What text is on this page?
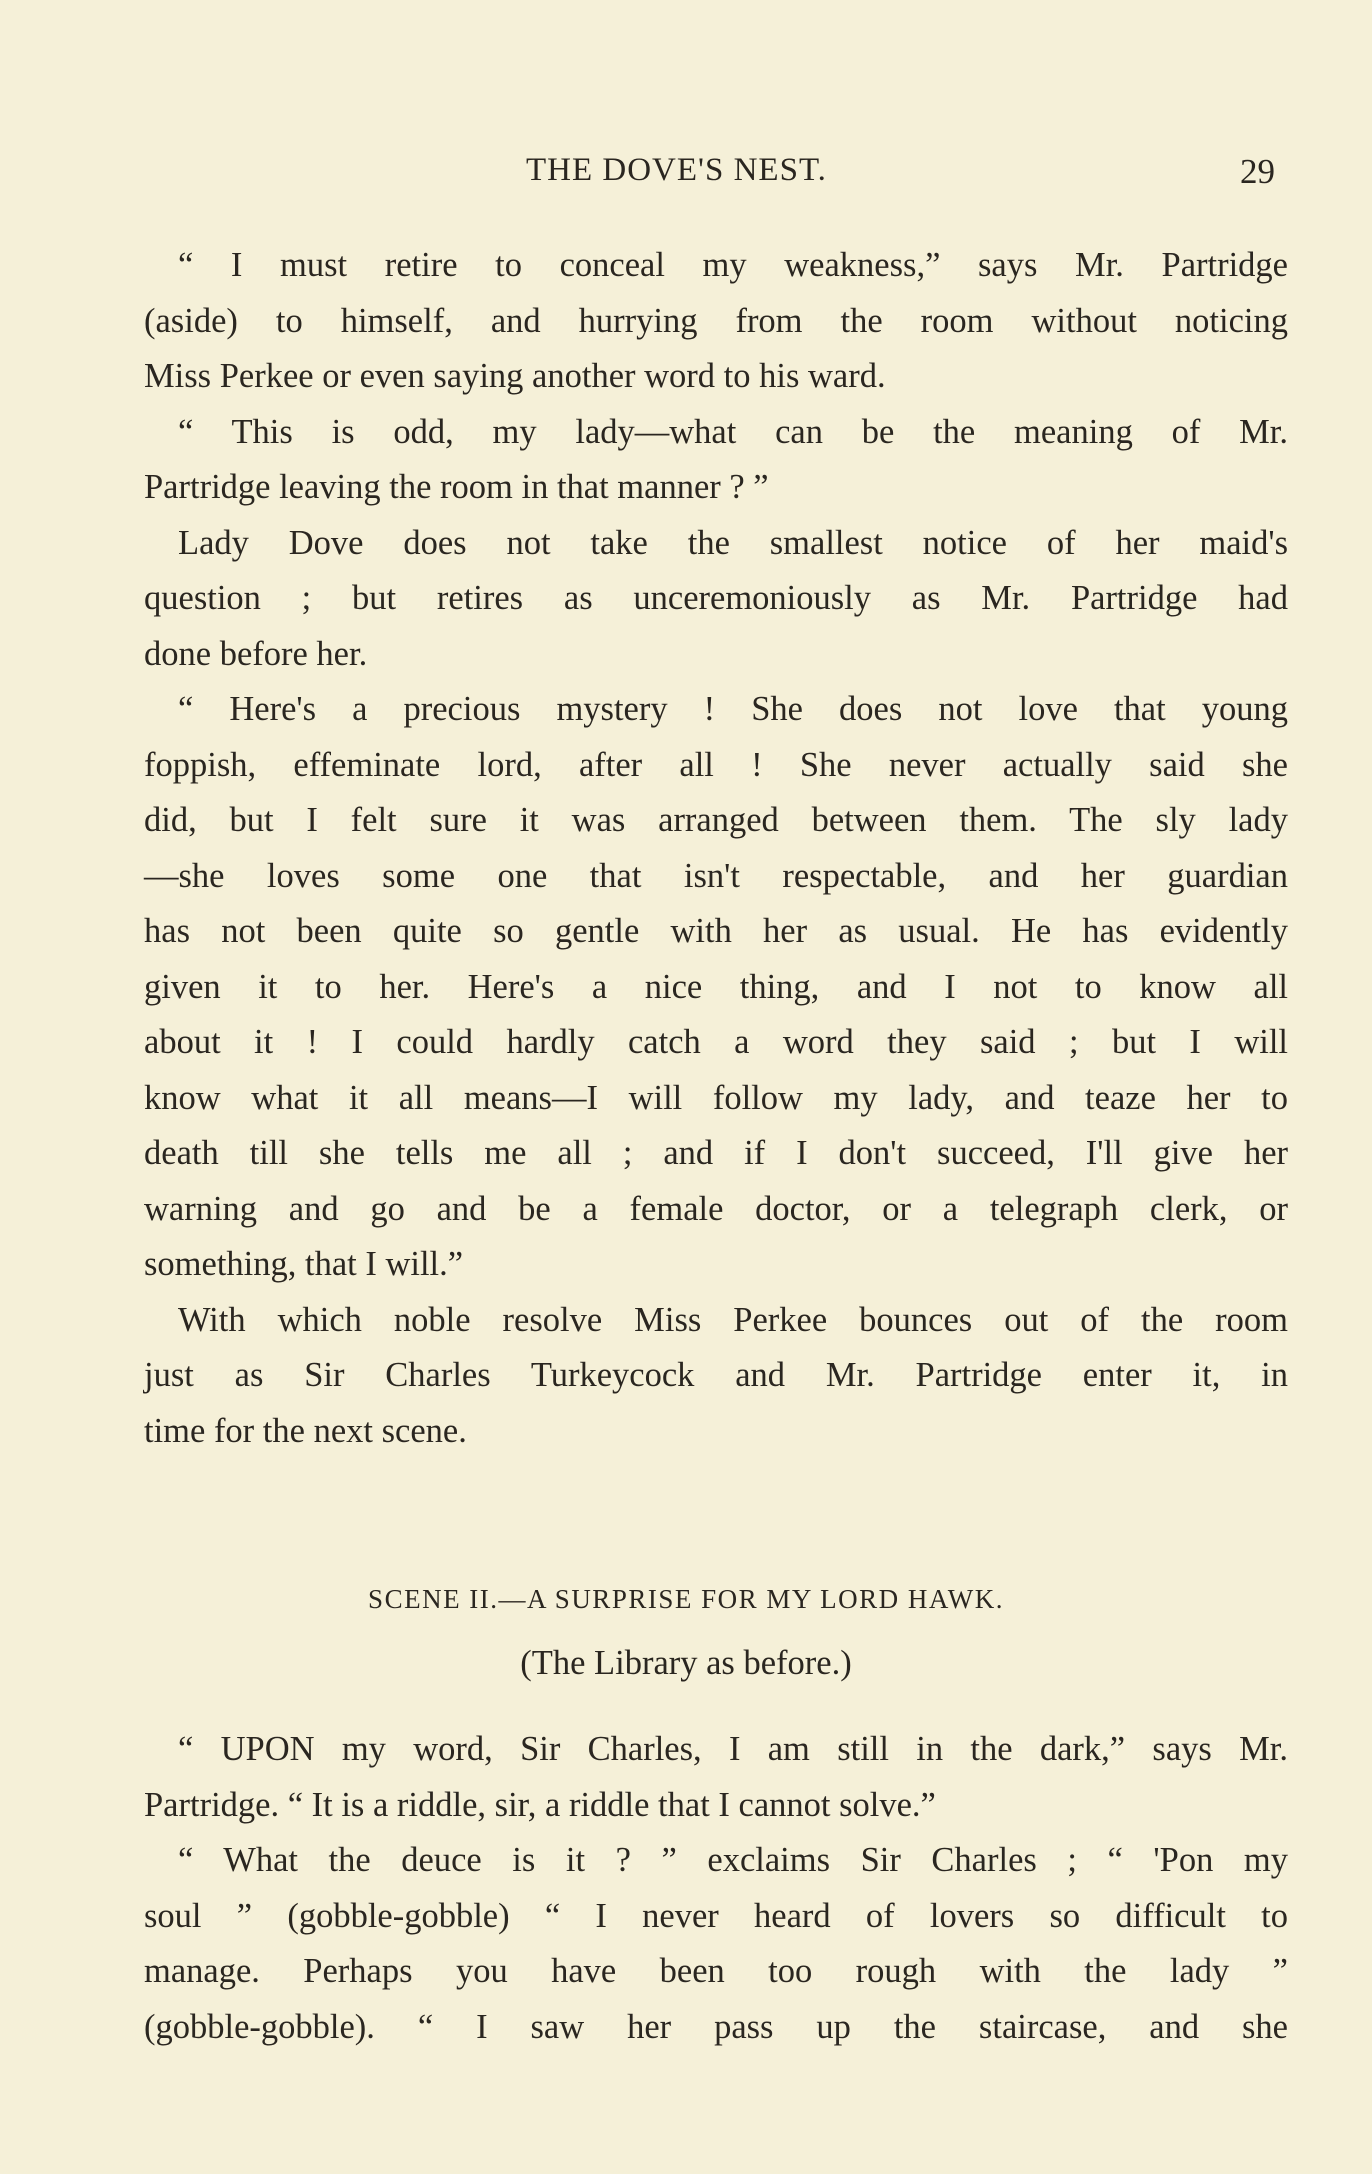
THE DOVE'S NEST.	29
“ I must retire to conceal my weakness,” says Mr. Partridge
(aside) to himself, and hurrying from the room without noticing
Miss Perkee or even saying another word to his ward.
“ This is odd, my lady—what can be the meaning of Mr.
Partridge leaving the room in that manner ? ”
Lady Dove does not take the smallest notice of her maid's
question ; but retires as unceremoniously as Mr. Partridge had
done before her.
“ Here's a precious mystery ! She does not love that young
foppish, effeminate lord, after all ! She never actually said she
did, but I felt sure it was arranged between them. The sly lady
—she loves some one that isn't respectable, and her guardian
has not been quite so gentle with her as usual. He has evidently
given it to her. Here's a nice thing, and I not to know all
about it ! I could hardly catch a word they said ; but I will
know what it all means—I will follow my lady, and teaze her to
death till she tells me all ; and if I don't succeed, I'll give her
warning and go and be a female doctor, or a telegraph clerk, or
something, that I will.”
With which noble resolve Miss Perkee bounces out of the room
just as Sir Charles Turkeycock and Mr. Partridge enter it, in
time for the next scene.
SCENE II.—A SURPRISE FOR MY LORD HAWK.
(The Library as before.)
“ UPON my word, Sir Charles, I am still in the dark,” says Mr.
Partridge. “ It is a riddle, sir, a riddle that I cannot solve.”
“ What the deuce is it ? ” exclaims Sir Charles ; “ 'Pon my
soul ” (gobble-gobble) “ I never heard of lovers so difficult to
manage. Perhaps you have been too rough with the lady ”
(gobble-gobble). “ I saw her pass up the staircase, and she
